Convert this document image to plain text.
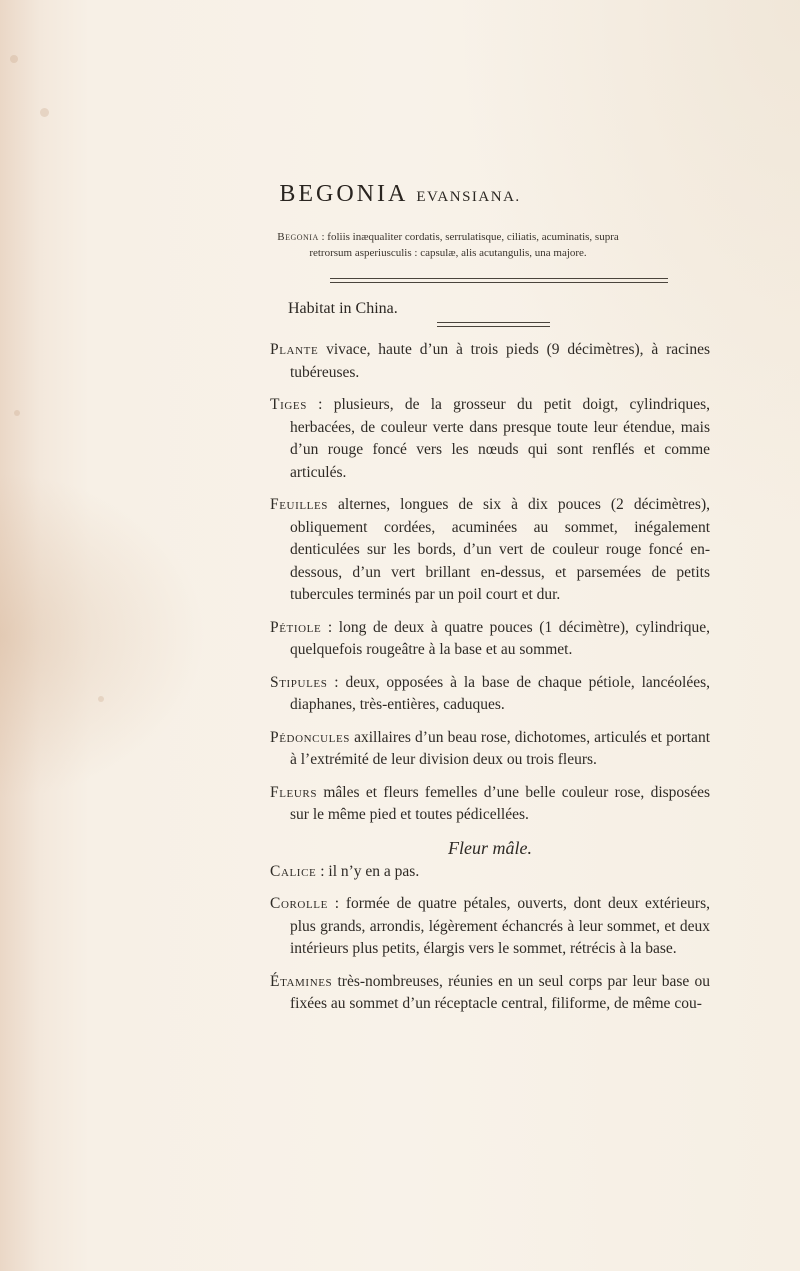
BEGONIA EVANSIANA.
Begonia : foliis inæqualiter cordatis, serrulatisque, ciliatis, acuminatis, supra retrorsum asperiusculis : capsulæ, alis acutangulis, una majore.
Habitat in China.

Plante vivace, haute d’un à trois pieds (9 décimètres), à racines tubéreuses.

Tiges : plusieurs, de la grosseur du petit doigt, cylindriques, herbacées, de couleur verte dans presque toute leur étendue, mais d’un rouge foncé vers les nœuds qui sont renflés et comme articulés.

Feuilles alternes, longues de six à dix pouces (2 décimètres), obliquement cordées, acuminées au sommet, inégalement denticulées sur les bords, d’un vert de couleur rouge foncé en-dessous, d’un vert brillant en-dessus, et parsemées de petits tubercules terminés par un poil court et dur.

Pétiole : long de deux à quatre pouces (1 décimètre), cylindrique, quelquefois rougeâtre à la base et au sommet.

Stipules : deux, opposées à la base de chaque pétiole, lancéolées, diaphanes, très-entières, caduques.

Pédoncules axillaires d’un beau rose, dichotomes, articulés et portant à l’extrémité de leur division deux ou trois fleurs.

Fleurs mâles et fleurs femelles d’une belle couleur rose, disposées sur le même pied et toutes pédicellées.

Fleur mâle.

Calice : il n’y en a pas.

Corolle : formée de quatre pétales, ouverts, dont deux extérieurs, plus grands, arrondis, légèrement échancrés à leur sommet, et deux intérieurs plus petits, élargis vers le sommet, rétrécis à la base.

Étamines très-nombreuses, réunies en un seul corps par leur base ou fixées au sommet d’un réceptacle central, filiforme, de même cou-
